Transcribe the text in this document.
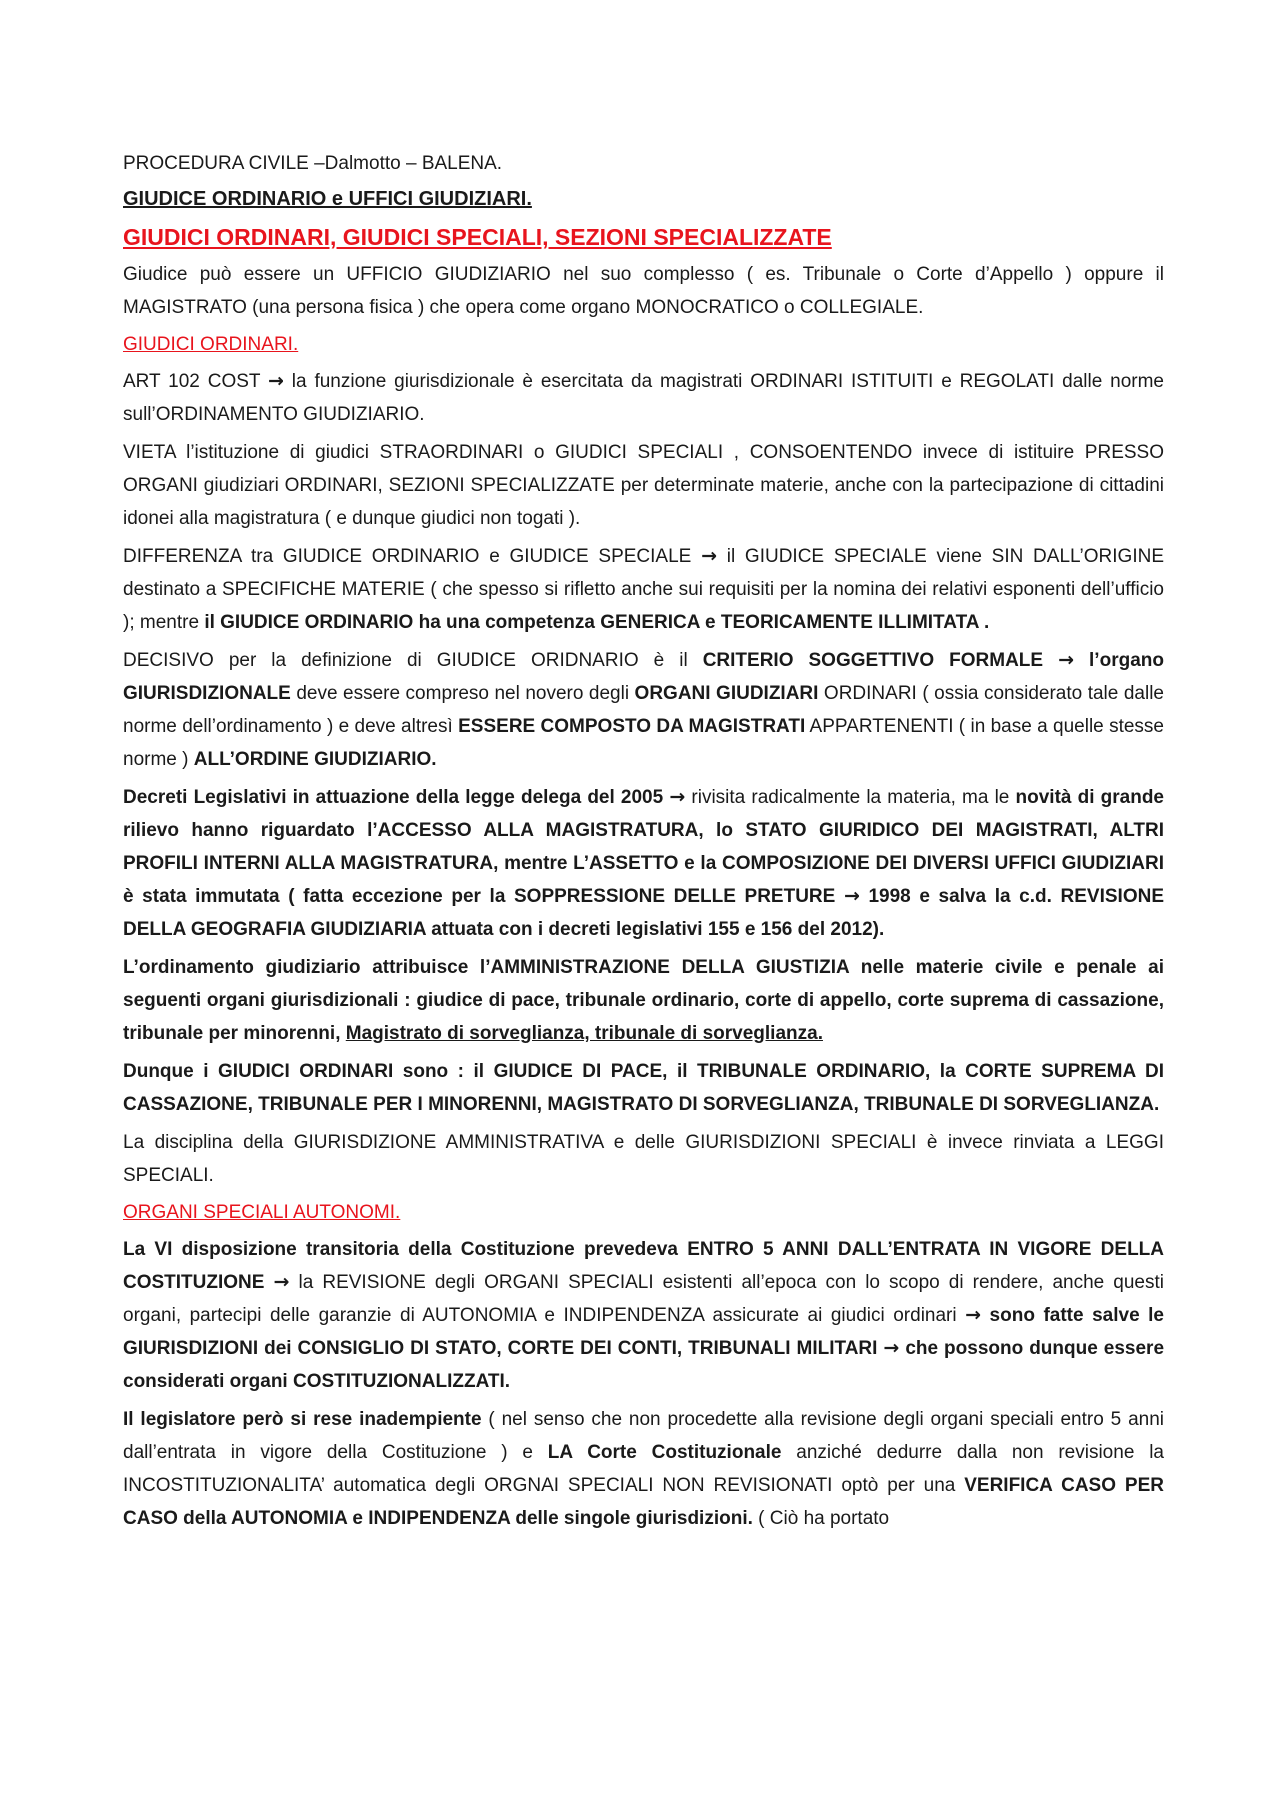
PROCEDURA CIVILE –Dalmotto – BALENA.

GIUDICE ORDINARIO e UFFICI GIUDIZIARI.

GIUDICI ORDINARI, GIUDICI SPECIALI, SEZIONI SPECIALIZZATE

Giudice può essere un UFFICIO GIUDIZIARIO nel suo complesso ( es. Tribunale o Corte d’Appello ) oppure il MAGISTRATO (una persona fisica ) che opera come organo MONOCRATICO o COLLEGIALE.

GIUDICI ORDINARI.

ART 102 COST → la funzione giurisdizionale è esercitata da magistrati ORDINARI ISTITUITI e REGOLATI dalle norme sull’ORDINAMENTO GIUDIZIARIO.

VIETA l’istituzione di giudici STRAORDINARI o GIUDICI SPECIALI , CONSOENTENDO invece di istituire PRESSO ORGANI giudiziari ORDINARI, SEZIONI SPECIALIZZATE per determinate materie, anche con la partecipazione di cittadini idonei alla magistratura ( e dunque giudici non togati ).

DIFFERENZA tra GIUDICE ORDINARIO e GIUDICE SPECIALE → il GIUDICE SPECIALE viene SIN DALL’ORIGINE destinato a SPECIFICHE MATERIE ( che spesso si rifletto anche sui requisiti per la nomina dei relativi esponenti dell’ufficio ); mentre il GIUDICE ORDINARIO ha una competenza GENERICA e TEORICAMENTE ILLIMITATA .

DECISIVO per la definizione di GIUDICE ORIDNARIO è il CRITERIO SOGGETTIVO FORMALE → l’organo GIURISDIZIONALE deve essere compreso nel novero degli ORGANI GIUDIZIARI ORDINARI ( ossia considerato tale dalle norme dell’ordinamento ) e deve altresì ESSERE COMPOSTO DA MAGISTRATI APPARTENENTI ( in base a quelle stesse norme ) ALL’ORDINE GIUDIZIARIO.

Decreti Legislativi in attuazione della legge delega del 2005 → rivisita radicalmente la materia, ma le novità di grande rilievo hanno riguardato l’ACCESSO ALLA MAGISTRATURA, lo STATO GIURIDICO DEI MAGISTRATI, ALTRI PROFILI INTERNI ALLA MAGISTRATURA, mentre L’ASSETTO e la COMPOSIZIONE DEI DIVERSI UFFICI GIUDIZIARI è stata immutata ( fatta eccezione per la SOPPRESSIONE DELLE PRETURE → 1998 e salva la c.d. REVISIONE DELLA GEOGRAFIA GIUDIZIARIA attuata con i decreti legislativi 155 e 156 del 2012).

L’ordinamento giudiziario attribuisce l’AMMINISTRAZIONE DELLA GIUSTIZIA nelle materie civile e penale ai seguenti organi giurisdizionali : giudice di pace, tribunale ordinario, corte di appello, corte suprema di cassazione, tribunale per minorenni, Magistrato di sorveglianza, tribunale di sorveglianza.

Dunque i GIUDICI ORDINARI sono : il GIUDICE DI PACE, il TRIBUNALE ORDINARIO, la CORTE SUPREMA DI CASSAZIONE, TRIBUNALE PER I MINORENNI, MAGISTRATO DI SORVEGLIANZA, TRIBUNALE DI SORVEGLIANZA.

La disciplina della GIURISDIZIONE AMMINISTRATIVA e delle GIURISDIZIONI SPECIALI è invece rinviata a LEGGI SPECIALI.

ORGANI SPECIALI AUTONOMI.

La VI disposizione transitoria della Costituzione prevedeva ENTRO 5 ANNI DALL’ENTRATA IN VIGORE DELLA COSTITUZIONE → la REVISIONE degli ORGANI SPECIALI esistenti all’epoca con lo scopo di rendere, anche questi organi, partecipi delle garanzie di AUTONOMIA e INDIPENDENZA assicurate ai giudici ordinari → sono fatte salve le GIURISDIZIONI dei CONSIGLIO DI STATO, CORTE DEI CONTI, TRIBUNALI MILITARI → che possono dunque essere considerati organi COSTITUZIONALIZZATI.

Il legislatore però si rese inadempiente ( nel senso che non procedette alla revisione degli organi speciali entro 5 anni dall’entrata in vigore della Costituzione ) e LA Corte Costituzionale anziché dedurre dalla non revisione la INCOSTITUZIONALITA’ automatica degli ORGNAI SPECIALI NON REVISIONATI optò per una VERIFICA CASO PER CASO della AUTONOMIA e INDIPENDENZA delle singole giurisdizioni. ( Ciò ha portato
